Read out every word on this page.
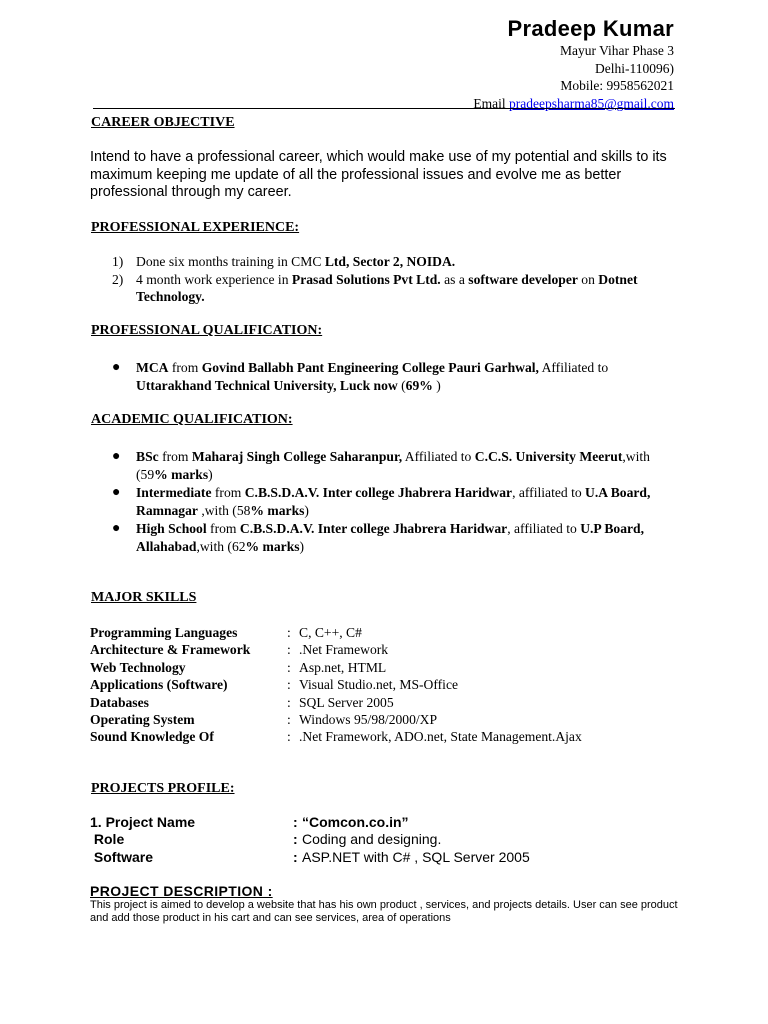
Pradeep Kumar
Mayur Vihar Phase 3
Delhi-110096)
Mobile: 9958562021
Email pradeepsharma85@gmail.com
CAREER OBJECTIVE
Intend to have a professional career, which would make use of my potential and skills to its maximum keeping me update of all the professional issues and evolve me as better professional through my career.
PROFESSIONAL EXPERIENCE:
1) Done six months training in CMC Ltd, Sector 2, NOIDA.
2) 4 month work experience in Prasad Solutions Pvt Ltd. as a software developer on Dotnet Technology.
PROFESSIONAL QUALIFICATION:
●	MCA from Govind Ballabh Pant Engineering College Pauri Garhwal, Affiliated to Uttarakhand Technical University, Luck now (69% )
ACADEMIC QUALIFICATION:
●	BSc from Maharaj Singh College Saharanpur, Affiliated to C.C.S. University Meerut,with (59% marks)
●	Intermediate from C.B.S.D.A.V. Inter college Jhabrera Haridwar, affiliated to U.A Board, Ramnagar ,with (58% marks)
●	High School from C.B.S.D.A.V. Inter college Jhabrera Haridwar, affiliated to U.P Board, Allahabad,with (62% marks)
MAJOR SKILLS
Programming Languages	:	C, C++, C#
Architecture & Framework	:	.Net Framework
Web Technology	:	Asp.net, HTML
Applications (Software)	:	Visual Studio.net, MS-Office
Databases	:	SQL Server 2005
Operating System	:	Windows 95/98/2000/XP
Sound Knowledge Of	:	.Net Framework, ADO.net, State Management.Ajax
PROJECTS PROFILE:
1. Project Name	:	“Comcon.co.in”
Role	:	Coding and designing.
Software	:	ASP.NET with C# , SQL Server 2005
PROJECT DESCRIPTION :
This project is aimed to develop a website that has his own product , services, and projects details. User can see product and add those product in his cart and can see services, area of operations
